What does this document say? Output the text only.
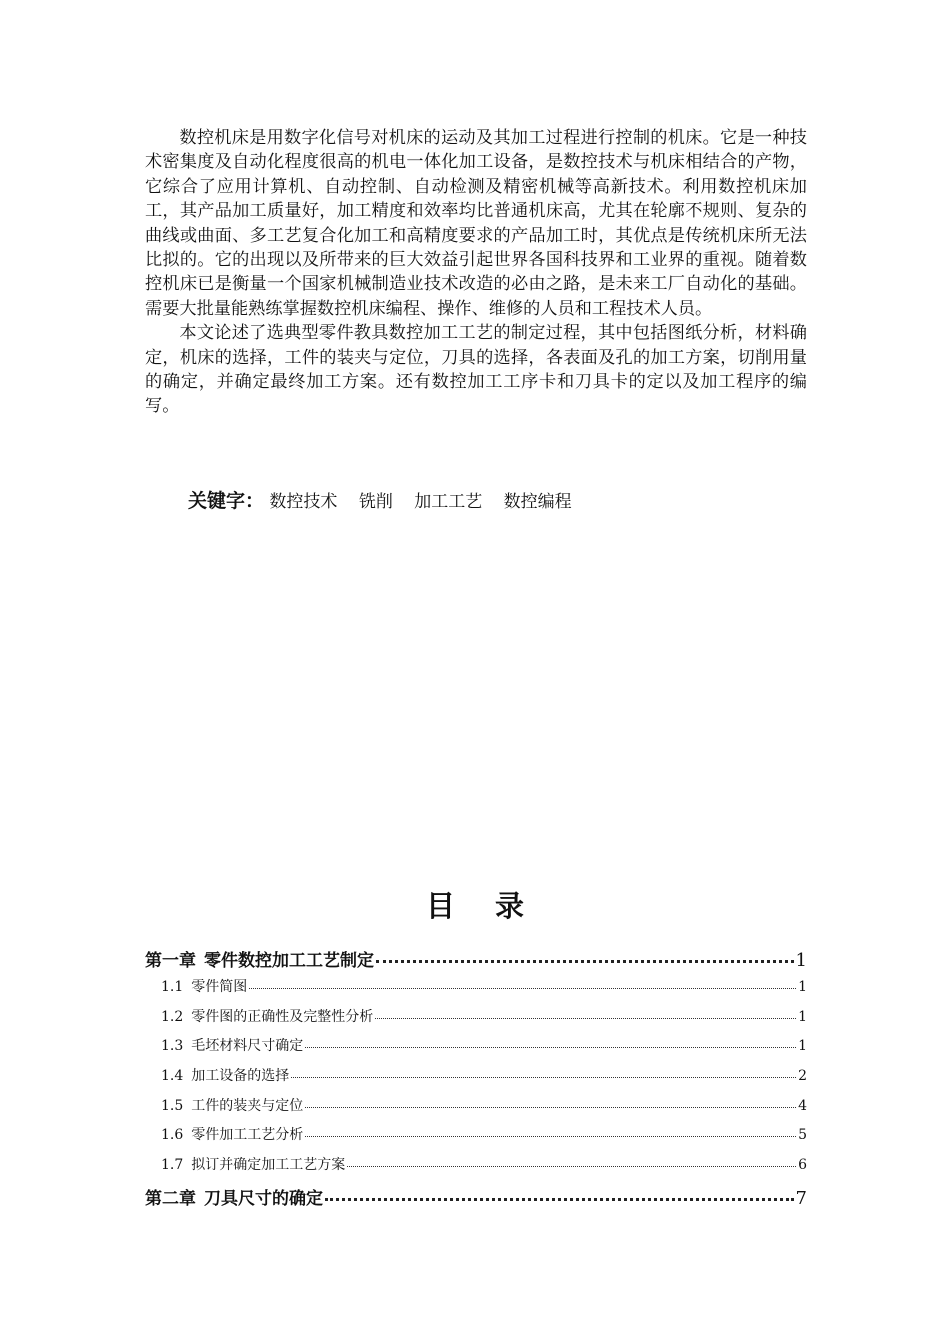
数控机床是用数字化信号对机床的运动及其加工过程进行控制的机床。它是一种技术密集度及自动化程度很高的机电一体化加工设备，是数控技术与机床相结合的产物，它综合了应用计算机、自动控制、自动检测及精密机械等高新技术。利用数控机床加工，其产品加工质量好，加工精度和效率均比普通机床高，尤其在轮廓不规则、复杂的曲线或曲面、多工艺复合化加工和高精度要求的产品加工时，其优点是传统机床所无法比拟的。它的出现以及所带来的巨大效益引起世界各国科技界和工业界的重视。随着数控机床已是衡量一个国家机械制造业技术改造的必由之路，是未来工厂自动化的基础。需要大批量能熟练掌握数控机床编程、操作、维修的人员和工程技术人员。

本文论述了选典型零件教具数控加工工艺的制定过程，其中包括图纸分析，材料确定，机床的选择，工件的装夹与定位，刀具的选择，各表面及孔的加工方案，切削用量的确定，并确定最终加工方案。还有数控加工工序卡和刀具卡的定以及加工程序的编写。

关键字： 数控技术 铣削 加工工艺 数控编程
目录
第一章 零件数控加工工艺制定	1
1.1 零件简图	1
1.2 零件图的正确性及完整性分析	1
1.3 毛坯材料尺寸确定	1
1.4 加工设备的选择	2
1.5 工件的装夹与定位	4
1.6 零件加工工艺分析	5
1.7 拟订并确定加工工艺方案	6
第二章 刀具尺寸的确定	7
